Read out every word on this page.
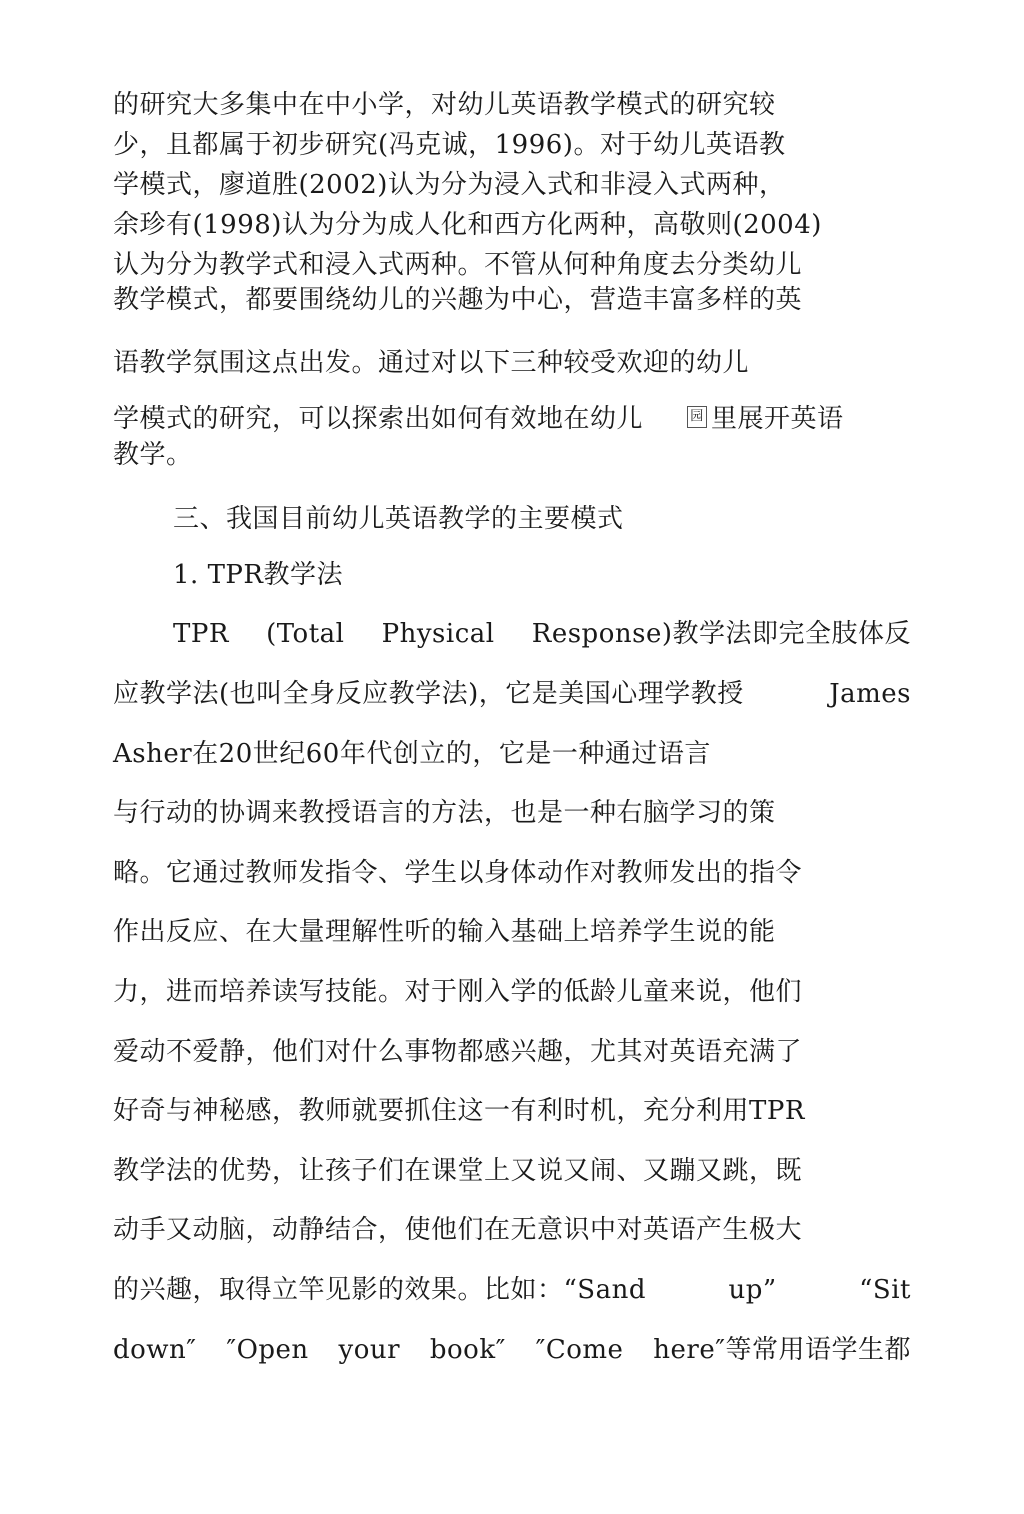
的研究大多集中在中小学，对幼儿英语教学模式的研究较
少，且都属于初步研究(冯克诚，1996)。对于幼儿英语教
学模式，廖道胜(2002)认为分为浸入式和非浸入式两种，
余珍有(1998)认为分为成人化和西方化两种，高敬则(2004)
认为分为教学式和浸入式两种。不管从何种角度去分类幼儿
教学模式，都要围绕幼儿的兴趣为中心，营造丰富多样的英
语教学氛围这点出发。通过对以下三种较受欢迎的幼儿
学模式的研究，可以探索出如何有效地在幼儿	园 里展开英语
教学。
三、我国目前幼儿英语教学的主要模式
1. TPR教学法
TPR (Total Physical Response)教学法即完全肢体反
应教学法(也叫全身反应教学法)，它是美国心理学教授	James
Asher在20世纪60年代创立的，它是一种通过语言
与行动的协调来教授语言的方法，也是一种右脑学习的策
略。它通过教师发指令、学生以身体动作对教师发出的指令
作出反应、在大量理解性听的输入基础上培养学生说的能
力，进而培养读写技能。对于刚入学的低龄儿童来说，他们
爱动不爱静，他们对什么事物都感兴趣，尤其对英语充满了
好奇与神秘感，教师就要抓住这一有利时机，充分利用TPR
教学法的优势，让孩子们在课堂上又说又闹、又蹦又跳，既
动手又动脑，动静结合，使他们在无意识中对英语产生极大
的兴趣，取得立竿见影的效果。比如：“Sand	up”	“Sit
down″ ″Open your book″ ″Come here″等常用语学生都
